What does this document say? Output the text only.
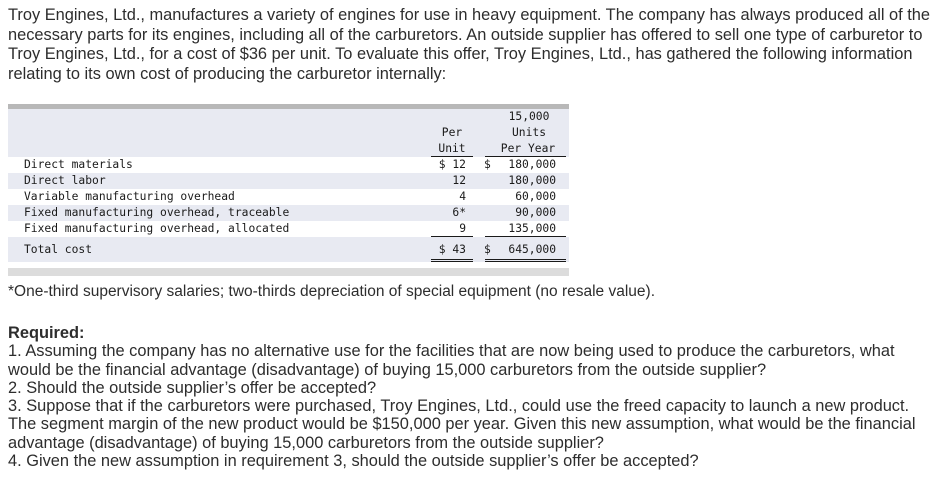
Troy Engines, Ltd., manufactures a variety of engines for use in heavy equipment. The company has always produced all of the necessary parts for its engines, including all of the carburetors. An outside supplier has offered to sell one type of carburetor to Troy Engines, Ltd., for a cost of $36 per unit. To evaluate this offer, Troy Engines, Ltd., has gathered the following information relating to its own cost of producing the carburetor internally:

15,000
Per	Units
Unit	Per Year
Direct materials	$ 12 $	180,000
Direct labor	12	180,000
Variable manufacturing overhead	4	60,000
Fixed manufacturing overhead, traceable	6*	90,000
Fixed manufacturing overhead, allocated	9	135,000
Total cost	$ 43 $	645,000

*One-third supervisory salaries; two-thirds depreciation of special equipment (no resale value).

Required:
1. Assuming the company has no alternative use for the facilities that are now being used to produce the carburetors, what would be the financial advantage (disadvantage) of buying 15,000 carburetors from the outside supplier?
2. Should the outside supplier’s offer be accepted?
3. Suppose that if the carburetors were purchased, Troy Engines, Ltd., could use the freed capacity to launch a new product. The segment margin of the new product would be $150,000 per year. Given this new assumption, what would be the financial advantage (disadvantage) of buying 15,000 carburetors from the outside supplier?
4. Given the new assumption in requirement 3, should the outside supplier’s offer be accepted?
